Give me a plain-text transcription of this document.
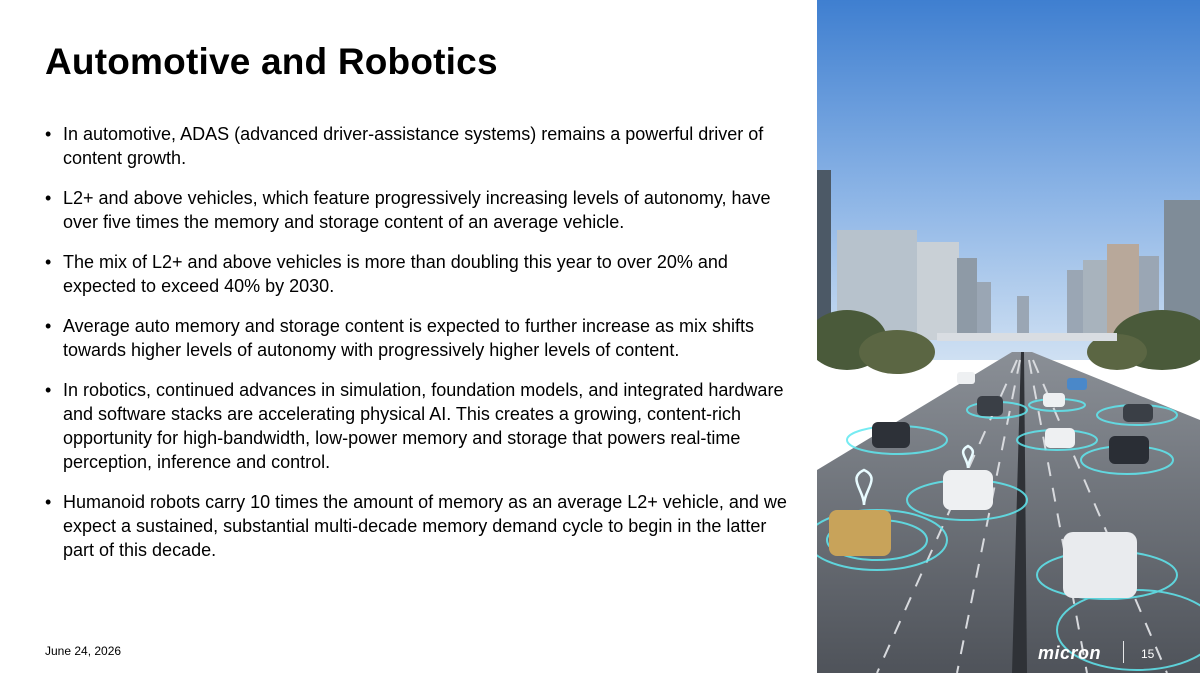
Automotive and Robotics
• In automotive, ADAS (advanced driver-assistance systems) remains a powerful driver of content growth.
• L2+ and above vehicles, which feature progressively increasing levels of autonomy, have over five times the memory and storage content of an average vehicle.
• The mix of L2+ and above vehicles is more than doubling this year to over 20% and expected to exceed 40% by 2030.
• Average auto memory and storage content is expected to further increase as mix shifts towards higher levels of autonomy with progressively higher levels of content.
• In robotics, continued advances in simulation, foundation models, and integrated hardware and software stacks are accelerating physical AI. This creates a growing, content-rich opportunity for high-bandwidth, low-power memory and storage that powers real-time perception, inference and control.
• Humanoid robots carry 10 times the amount of memory as an average L2+ vehicle, and we expect a sustained, substantial multi-decade memory demand cycle to begin in the latter part of this decade.
June 24, 2026	micron	15
